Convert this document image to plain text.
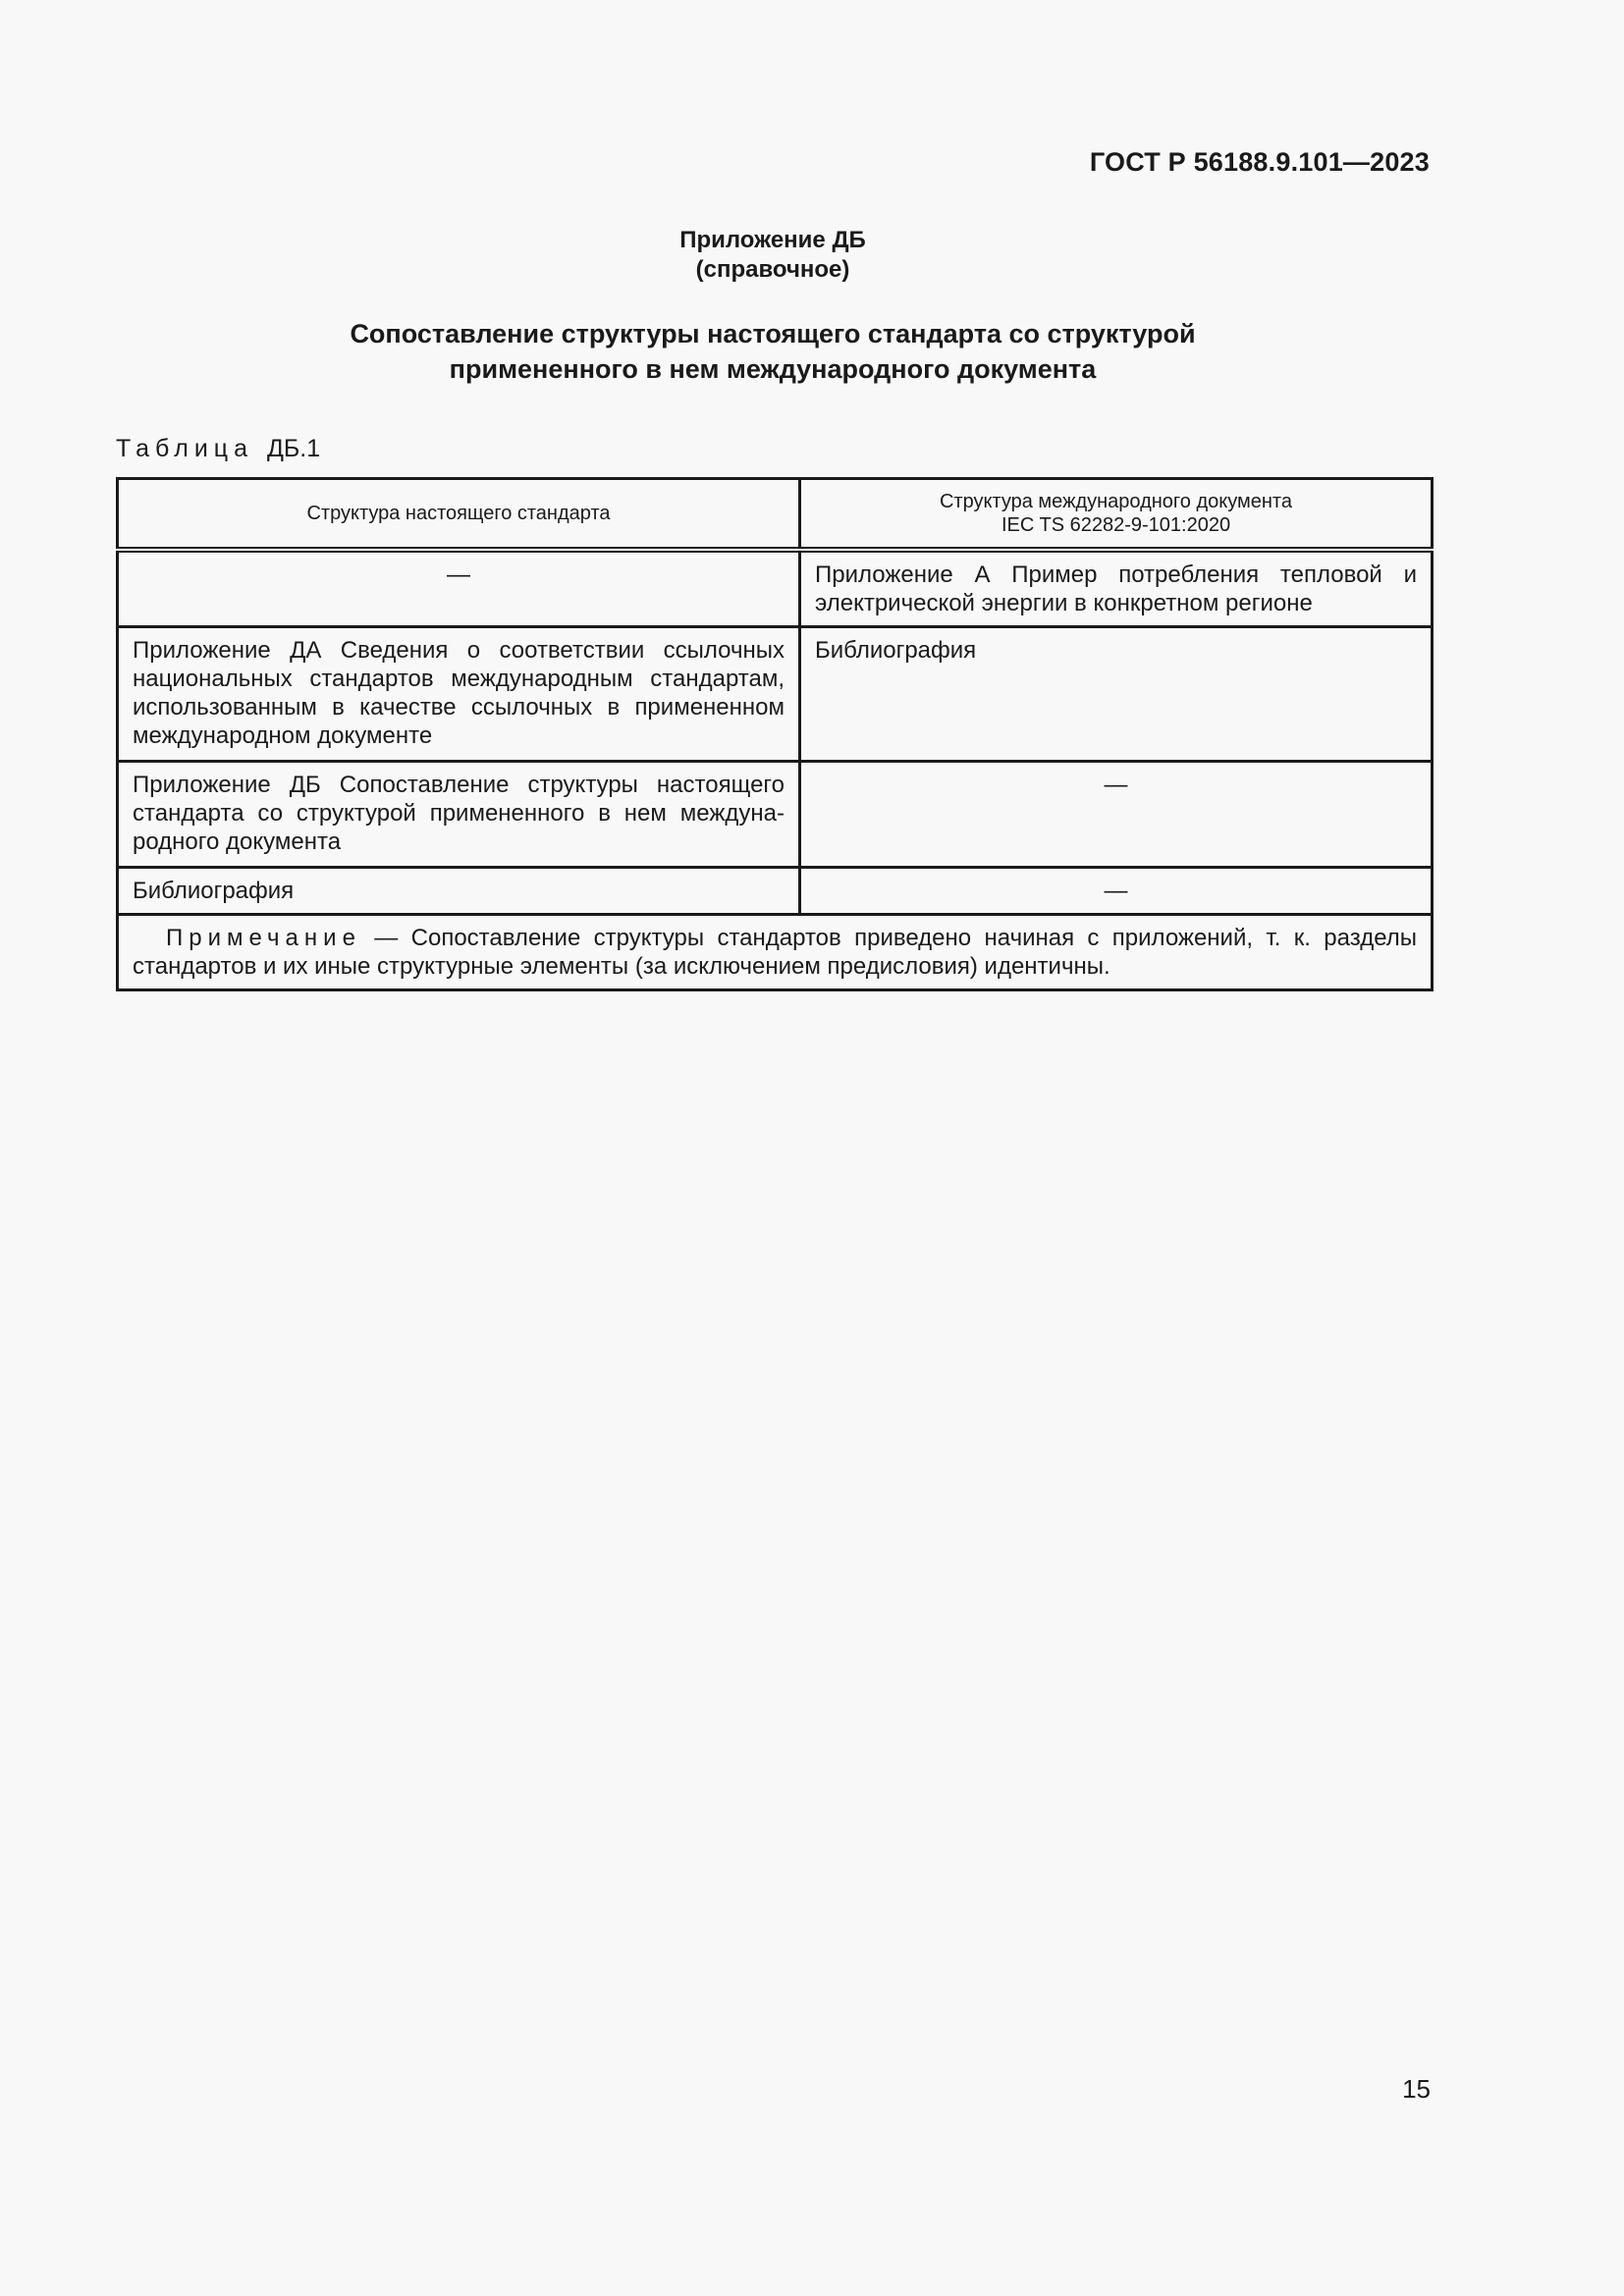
ГОСТ Р 56188.9.101—2023
Приложение ДБ
(справочное)
Сопоставление структуры настоящего стандарта со структурой
примененного в нем международного документа
Таблица ДБ.1
Структура настоящего стандарта	Структура международного документа
IEC TS 62282-9-101:2020

—	Приложение А Пример потребления тепловой и электрической энергии в конкретном регионе
Приложение ДА Сведения о соответствии ссылочных национальных стандартов международным стандартам, использованным в качестве ссылочных в примененном международном документе	Библиография
Приложение ДБ Сопоставление структуры настоящего стандарта со структурой примененного в нем междуна-родного документа	—
Библиография	—
Примечание — Сопоставление структуры стандартов приведено начиная с приложений, т. к. разделы стандартов и их иные структурные элементы (за исключением предисловия) идентичны.	
15
